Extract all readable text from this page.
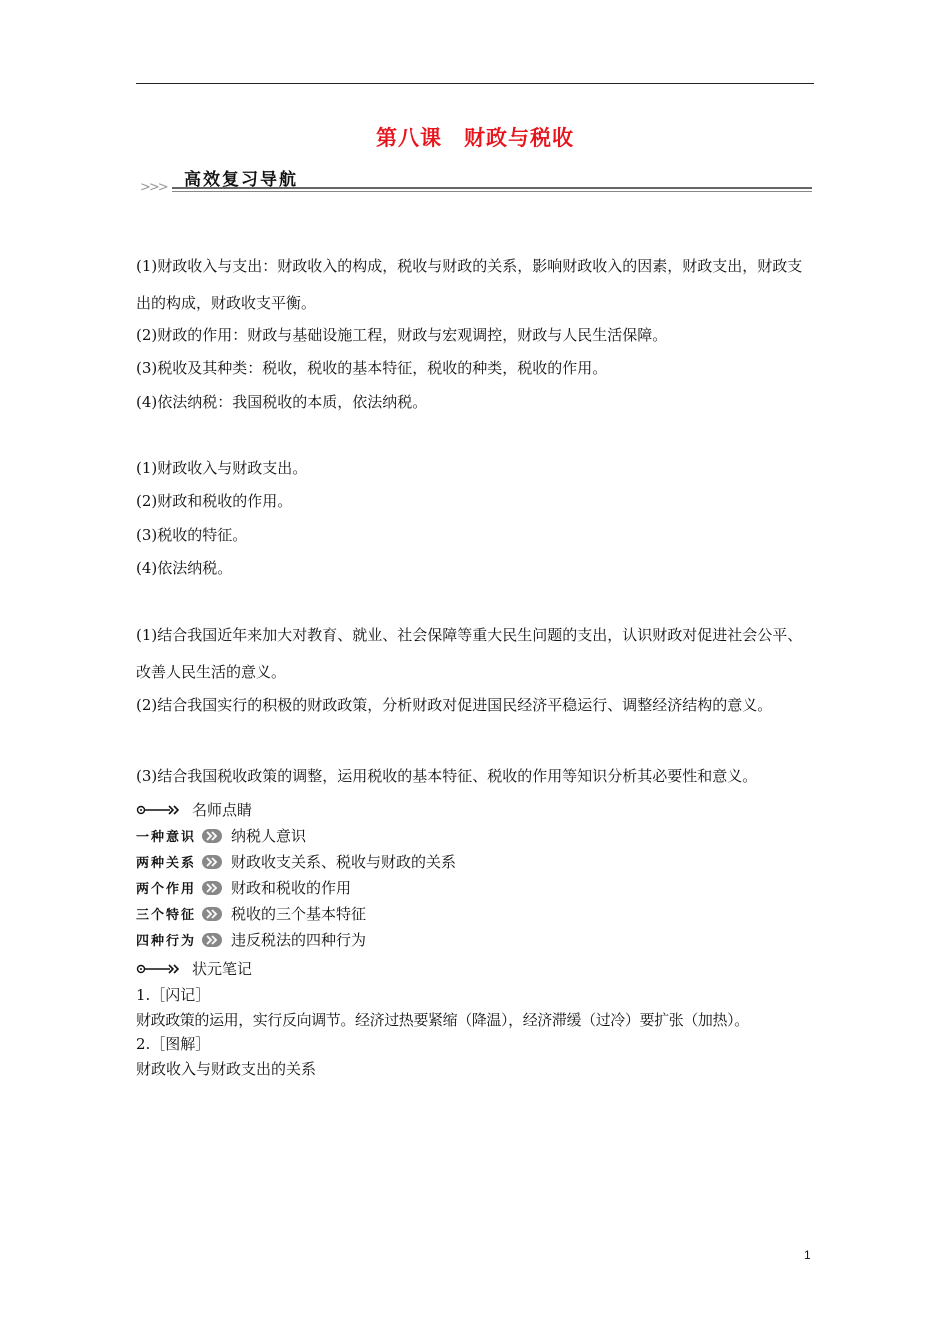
第八课　财政与税收
>>> 高效复习导航
(1)财政收入与支出：财政收入的构成，税收与财政的关系，影响财政收入的因素，财政支出，财政支出的构成，财政收支平衡。
(2)财政的作用：财政与基础设施工程，财政与宏观调控，财政与人民生活保障。
(3)税收及其种类：税收，税收的基本特征，税收的种类，税收的作用。
(4)依法纳税：我国税收的本质，依法纳税。
(1)财政收入与财政支出。
(2)财政和税收的作用。
(3)税收的特征。
(4)依法纳税。
(1)结合我国近年来加大对教育、就业、社会保障等重大民生问题的支出，认识财政对促进社会公平、改善人民生活的意义。
(2)结合我国实行的积极的财政政策，分析财政对促进国民经济平稳运行、调整经济结构的意义。
(3)结合我国税收政策的调整，运用税收的基本特征、税收的作用等知识分析其必要性和意义。
名师点睛
一种意识 纳税人意识
两种关系 财政收支关系、税收与财政的关系
两个作用 财政和税收的作用
三个特征 税收的三个基本特征
四种行为 违反税法的四种行为
状元笔记
1.［闪记］
财政政策的运用，实行反向调节。经济过热要紧缩（降温），经济滞缓（过冷）要扩张（加热）。
2.［图解］
财政收入与财政支出的关系
1
